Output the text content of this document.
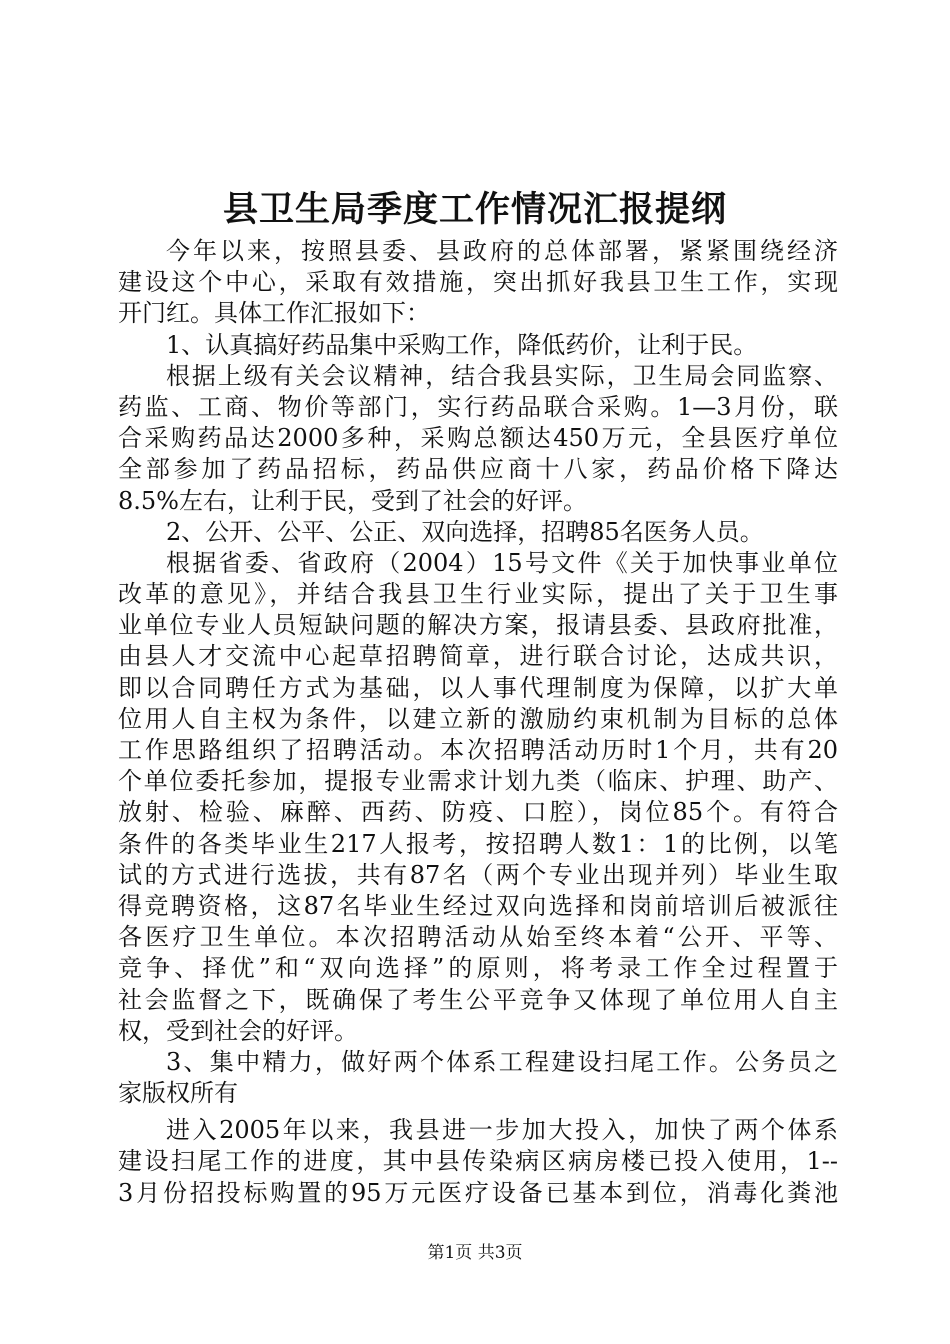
县卫生局季度工作情况汇报提纲
今年以来，按照县委、县政府的总体部署，紧紧围绕经济
建设这个中心，采取有效措施，突出抓好我县卫生工作，实现
开门红。具体工作汇报如下：
1、认真搞好药品集中采购工作，降低药价，让利于民。
根据上级有关会议精神，结合我县实际，卫生局会同监察、
药监、工商、物价等部门，实行药品联合采购。1—3月份，联
合采购药品达2000多种，采购总额达450万元，全县医疗单位
全部参加了药品招标，药品供应商十八家，药品价格下降达
8.5%左右，让利于民，受到了社会的好评。
2、公开、公平、公正、双向选择，招聘85名医务人员。
根据省委、省政府（2004）15号文件《关于加快事业单位
改革的意见》，并结合我县卫生行业实际，提出了关于卫生事
业单位专业人员短缺问题的解决方案，报请县委、县政府批准，
由县人才交流中心起草招聘简章，进行联合讨论，达成共识，
即以合同聘任方式为基础，以人事代理制度为保障，以扩大单
位用人自主权为条件，以建立新的激励约束机制为目标的总体
工作思路组织了招聘活动。本次招聘活动历时1个月，共有20
个单位委托参加，提报专业需求计划九类（临床、护理、助产、
放射、检验、麻醉、西药、防疫、口腔），岗位85个。有符合
条件的各类毕业生217人报考，按招聘人数1：1的比例，以笔
试的方式进行选拔，共有87名（两个专业出现并列）毕业生取
得竞聘资格，这87名毕业生经过双向选择和岗前培训后被派往
各医疗卫生单位。本次招聘活动从始至终本着“公开、平等、
竞争、择优”和“双向选择”的原则，将考录工作全过程置于
社会监督之下，既确保了考生公平竞争又体现了单位用人自主
权，受到社会的好评。
3、集中精力，做好两个体系工程建设扫尾工作。公务员之
家版权所有
进入2005年以来，我县进一步加大投入，加快了两个体系
建设扫尾工作的进度，其中县传染病区病房楼已投入使用，1--
3月份招投标购置的95万元医疗设备已基本到位，消毒化粪池
第1页 共3页
